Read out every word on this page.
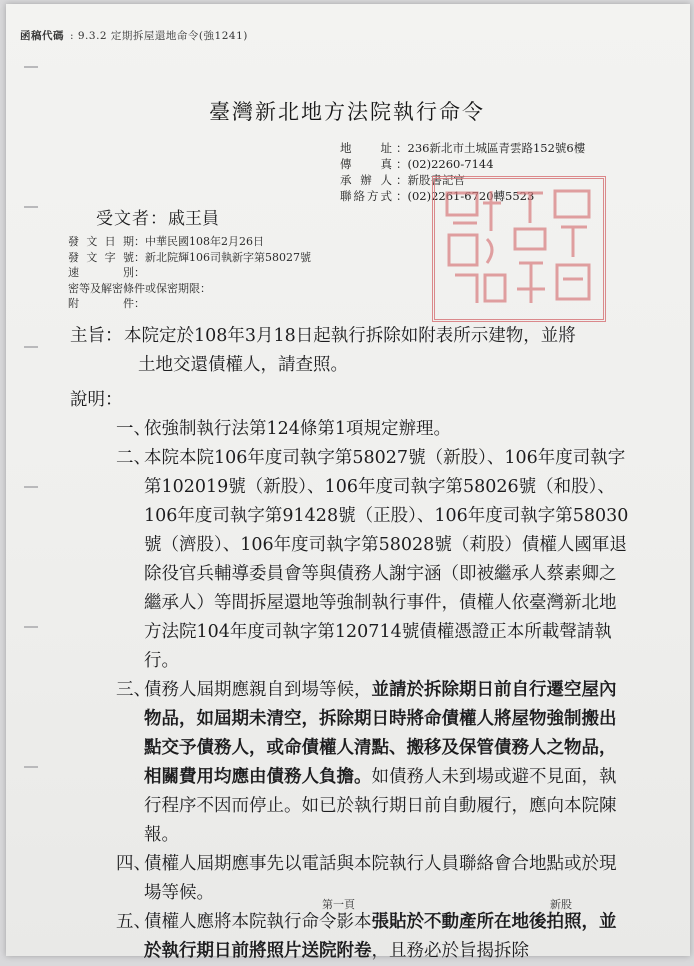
函稿代碼 : 9.3.2 定期拆屋還地命令(強1241)
臺灣新北地方法院執行命令
地　址 ：236新北市土城區青雲路152號6樓
傳　真 ：(02)2260-7144
承辦人 ：新股書記官
聯絡方式 ：(02)2261-6720轉5523
受文者：戚王員
發文日期：中華民國108年2月26日
發文字號：新北院輝106司執新字第58027號
速別：
密等及解密條件或保密期限：
附件：
主旨：本院定於108年3月18日起執行拆除如附表所示建物，並將
土地交還債權人，請查照。
說明：
一、

依強制執行法第124條第1項規定辦理。

二、

本院本院106年度司執字第58027號（新股）、106年度司執字第102019號（新股）、106年度司執字第58026號（和股）、106年度司執字第91428號（正股）、106年度司執字第58030號（濟股）、106年度司執字第58028號（莉股）債權人國軍退除役官兵輔導委員會等與債務人謝宇涵（即被繼承人蔡素卿之繼承人）等間拆屋還地等強制執行事件，債權人依臺灣新北地方法院104年度司執字第120714號債權憑證正本所載聲請執行。

三、

債務人屆期應親自到場等候，並請於拆除期日前自行遷空屋內物品，如屆期未清空，拆除期日時將命債權人將屋物強制搬出點交予債務人，或命債權人清點、搬移及保管債務人之物品，相關費用均應由債務人負擔。如債務人未到場或避不見面，執行程序不因而停止。如已於執行期日前自動履行，應向本院陳報。

四、

債權人屆期應事先以電話與本院執行人員聯絡會合地點或於現場等候。

五、

債權人應將本院執行命令影本張貼於不動產所在地後拍照，並於執行期日前將照片送院附卷，且務必於旨揭拆除

第一頁	新股
